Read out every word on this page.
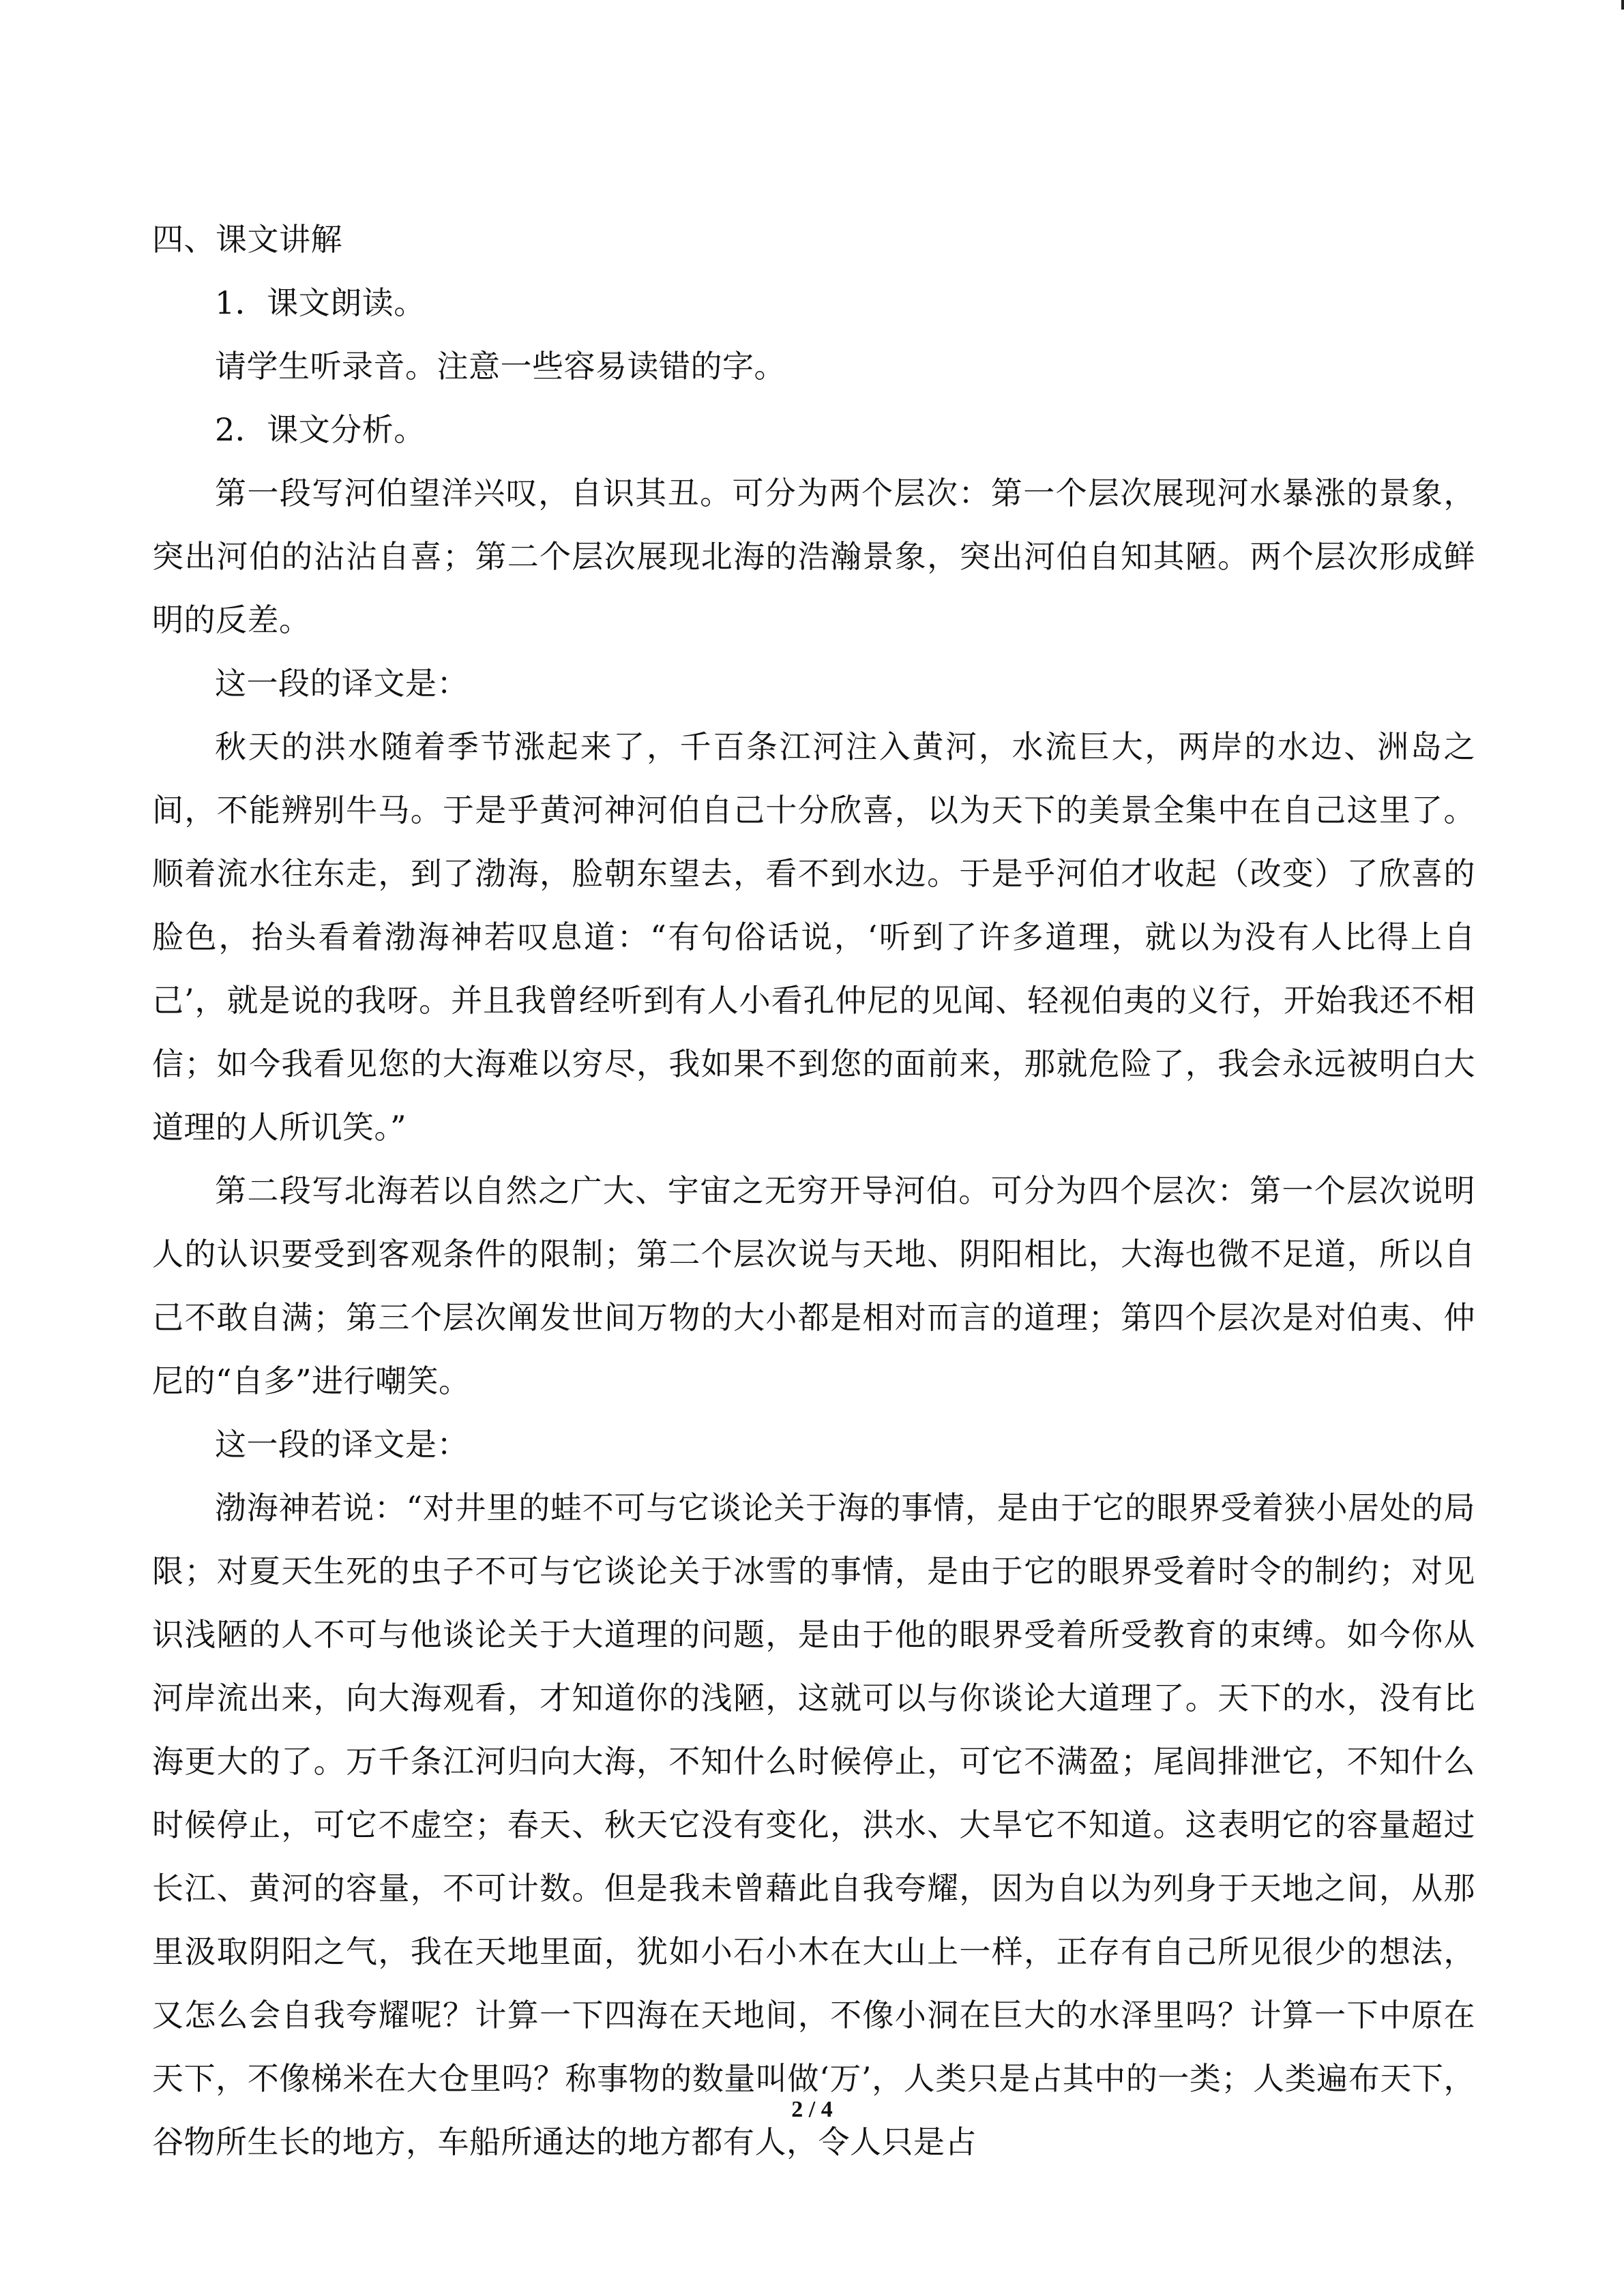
四、课文讲解

1．课文朗读。

请学生听录音。注意一些容易读错的字。

2．课文分析。

第一段写河伯望洋兴叹，自识其丑。可分为两个层次：第一个层次展现河水暴涨的景象，突出河伯的沾沾自喜；第二个层次展现北海的浩瀚景象，突出河伯自知其陋。两个层次形成鲜明的反差。

这一段的译文是：

秋天的洪水随着季节涨起来了，千百条江河注入黄河，水流巨大，两岸的水边、洲岛之间，不能辨别牛马。于是乎黄河神河伯自己十分欣喜，以为天下的美景全集中在自己这里了。顺着流水往东走，到了渤海，脸朝东望去，看不到水边。于是乎河伯才收起（改变）了欣喜的脸色，抬头看着渤海神若叹息道：“有句俗话说，‘听到了许多道理，就以为没有人比得上自己’，就是说的我呀。并且我曾经听到有人小看孔仲尼的见闻、轻视伯夷的义行，开始我还不相信；如今我看见您的大海难以穷尽，我如果不到您的面前来，那就危险了，我会永远被明白大道理的人所讥笑。”

第二段写北海若以自然之广大、宇宙之无穷开导河伯。可分为四个层次：第一个层次说明人的认识要受到客观条件的限制；第二个层次说与天地、阴阳相比，大海也微不足道，所以自己不敢自满；第三个层次阐发世间万物的大小都是相对而言的道理；第四个层次是对伯夷、仲尼的“自多”进行嘲笑。

这一段的译文是：

渤海神若说：“对井里的蛙不可与它谈论关于海的事情，是由于它的眼界受着狭小居处的局限；对夏天生死的虫子不可与它谈论关于冰雪的事情，是由于它的眼界受着时令的制约；对见识浅陋的人不可与他谈论关于大道理的问题，是由于他的眼界受着所受教育的束缚。如今你从河岸流出来，向大海观看，才知道你的浅陋，这就可以与你谈论大道理了。天下的水，没有比海更大的了。万千条江河归向大海，不知什么时候停止，可它不满盈；尾闾排泄它，不知什么时候停止，可它不虚空；春天、秋天它没有变化，洪水、大旱它不知道。这表明它的容量超过长江、黄河的容量，不可计数。但是我未曾藉此自我夸耀，因为自以为列身于天地之间，从那里汲取阴阳之气，我在天地里面，犹如小石小木在大山上一样，正存有自己所见很少的想法，又怎么会自我夸耀呢？计算一下四海在天地间，不像小洞在巨大的水泽里吗？计算一下中原在天下，不像梯米在大仓里吗？称事物的数量叫做‘万’，人类只是占其中的一类；人类遍布天下，谷物所生长的地方，车船所通达的地方都有人，令人只是占

2 / 4
